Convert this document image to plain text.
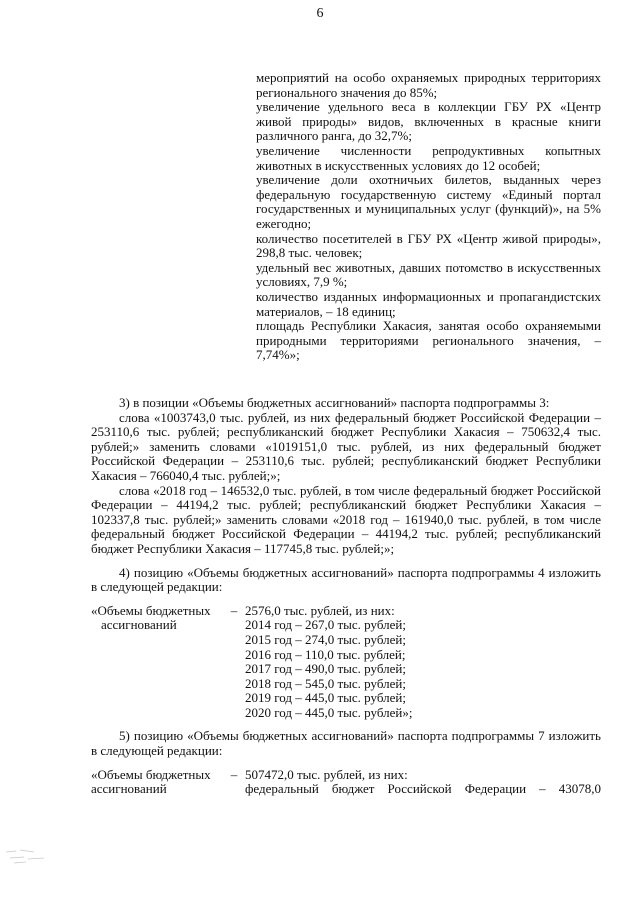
6

мероприятий на особо охраняемых природных территориях регионального значения до 85%;

увеличение удельного веса в коллекции ГБУ РХ «Центр живой природы» видов, включенных в красные книги различного ранга, до 32,7%;

увеличение численности репродуктивных копытных животных в искусственных условиях до 12 особей;

увеличение доли охотничьих билетов, выданных через федеральную государственную систему «Единый портал государственных и муниципальных услуг (функций)», на 5% ежегодно;

количество посетителей в ГБУ РХ «Центр живой природы», 298,8 тыс. человек;

удельный вес животных, давших потомство в искусственных условиях, 7,9 %;

количество изданных информационных и пропагандистских материалов, – 18 единиц;

площадь Республики Хакасия, занятая особо охраняемыми природными территориями регионального значения, – 7,74%»;

3) в позиции «Объемы бюджетных ассигнований» паспорта подпрограммы 3:

слова «1003743,0 тыс. рублей, из них федеральный бюджет Российской Федерации – 253110,6 тыс. рублей; республиканский бюджет Республики Хакасия – 750632,4 тыс. рублей;» заменить словами «1019151,0 тыс. рублей, из них федеральный бюджет Российской Федерации – 253110,6 тыс. рублей; республиканский бюджет Республики Хакасия – 766040,4 тыс. рублей;»;

слова «2018 год – 146532,0 тыс. рублей, в том числе федеральный бюджет Российской Федерации – 44194,2 тыс. рублей; республиканский бюджет Республики Хакасия – 102337,8 тыс. рублей;» заменить словами «2018 год – 161940,0 тыс. рублей, в том числе федеральный бюджет Российской Федерации – 44194,2 тыс. рублей; республиканский бюджет Республики Хакасия – 117745,8 тыс. рублей;»;

4) позицию «Объемы бюджетных ассигнований» паспорта подпрограммы 4 изложить в следующей редакции:

«Объемы бюджетных
ассигнований
– 2576,0 тыс. рублей, из них:
2014 год – 267,0 тыс. рублей;
2015 год – 274,0 тыс. рублей;
2016 год – 110,0 тыс. рублей;
2017 год – 490,0 тыс. рублей;
2018 год – 545,0 тыс. рублей;
2019 год – 445,0 тыс. рублей;
2020 год – 445,0 тыс. рублей»;

5) позицию «Объемы бюджетных ассигнований» паспорта подпрограммы 7 изложить в следующей редакции:

«Объемы бюджетных
ассигнований
– 507472,0 тыс. рублей, из них:
федеральный бюджет Российской Федерации – 43078,0
